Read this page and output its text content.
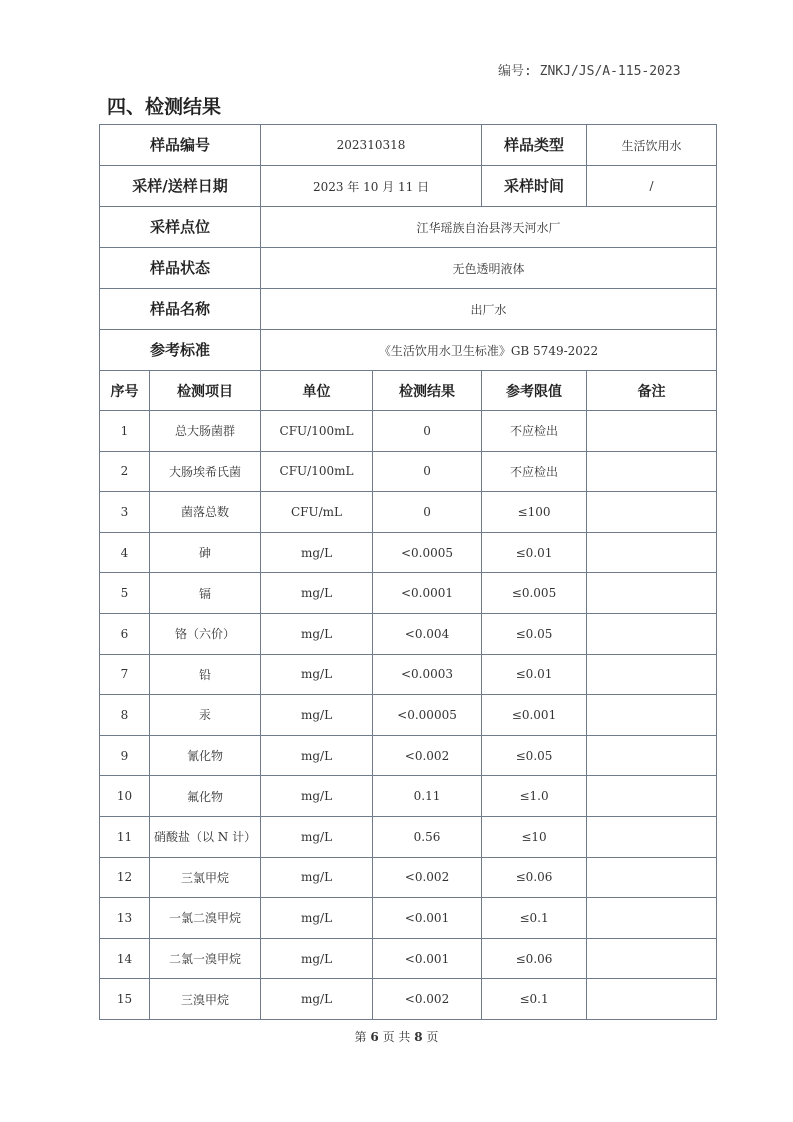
编号: ZNKJ/JS/A-115-2023
四、检测结果
样品编号		202310318		样品类型	生活饮用水
采样/送样日期		2023 年 10 月 11 日		采样时间	/
采样点位		江华瑶族自治县涔天河水厂			
样品状态		无色透明液体			
样品名称		出厂水			
参考标准		《生活饮用水卫生标准》GB 5749-2022			
序号	检测项目	单位	检测结果	参考限值	备注
1	总大肠菌群	CFU/100mL	0	不应检出	
2	大肠埃希氏菌	CFU/100mL	0	不应检出	
3	菌落总数	CFU/mL	0	≤100	
4	砷	mg/L	<0.0005	≤0.01	
5	镉	mg/L	<0.0001	≤0.005	
6	铬（六价）	mg/L	<0.004	≤0.05	
7	铅	mg/L	<0.0003	≤0.01	
8	汞	mg/L	<0.00005	≤0.001	
9	氰化物	mg/L	<0.002	≤0.05	
10	氟化物	mg/L	0.11	≤1.0	
11	硝酸盐（以 N 计）	mg/L	0.56	≤10	
12	三氯甲烷	mg/L	<0.002	≤0.06	
13	一氯二溴甲烷	mg/L	<0.001	≤0.1	
14	二氯一溴甲烷	mg/L	<0.001	≤0.06	
15	三溴甲烷	mg/L	<0.002	≤0.1	
第 6 页 共 8 页
